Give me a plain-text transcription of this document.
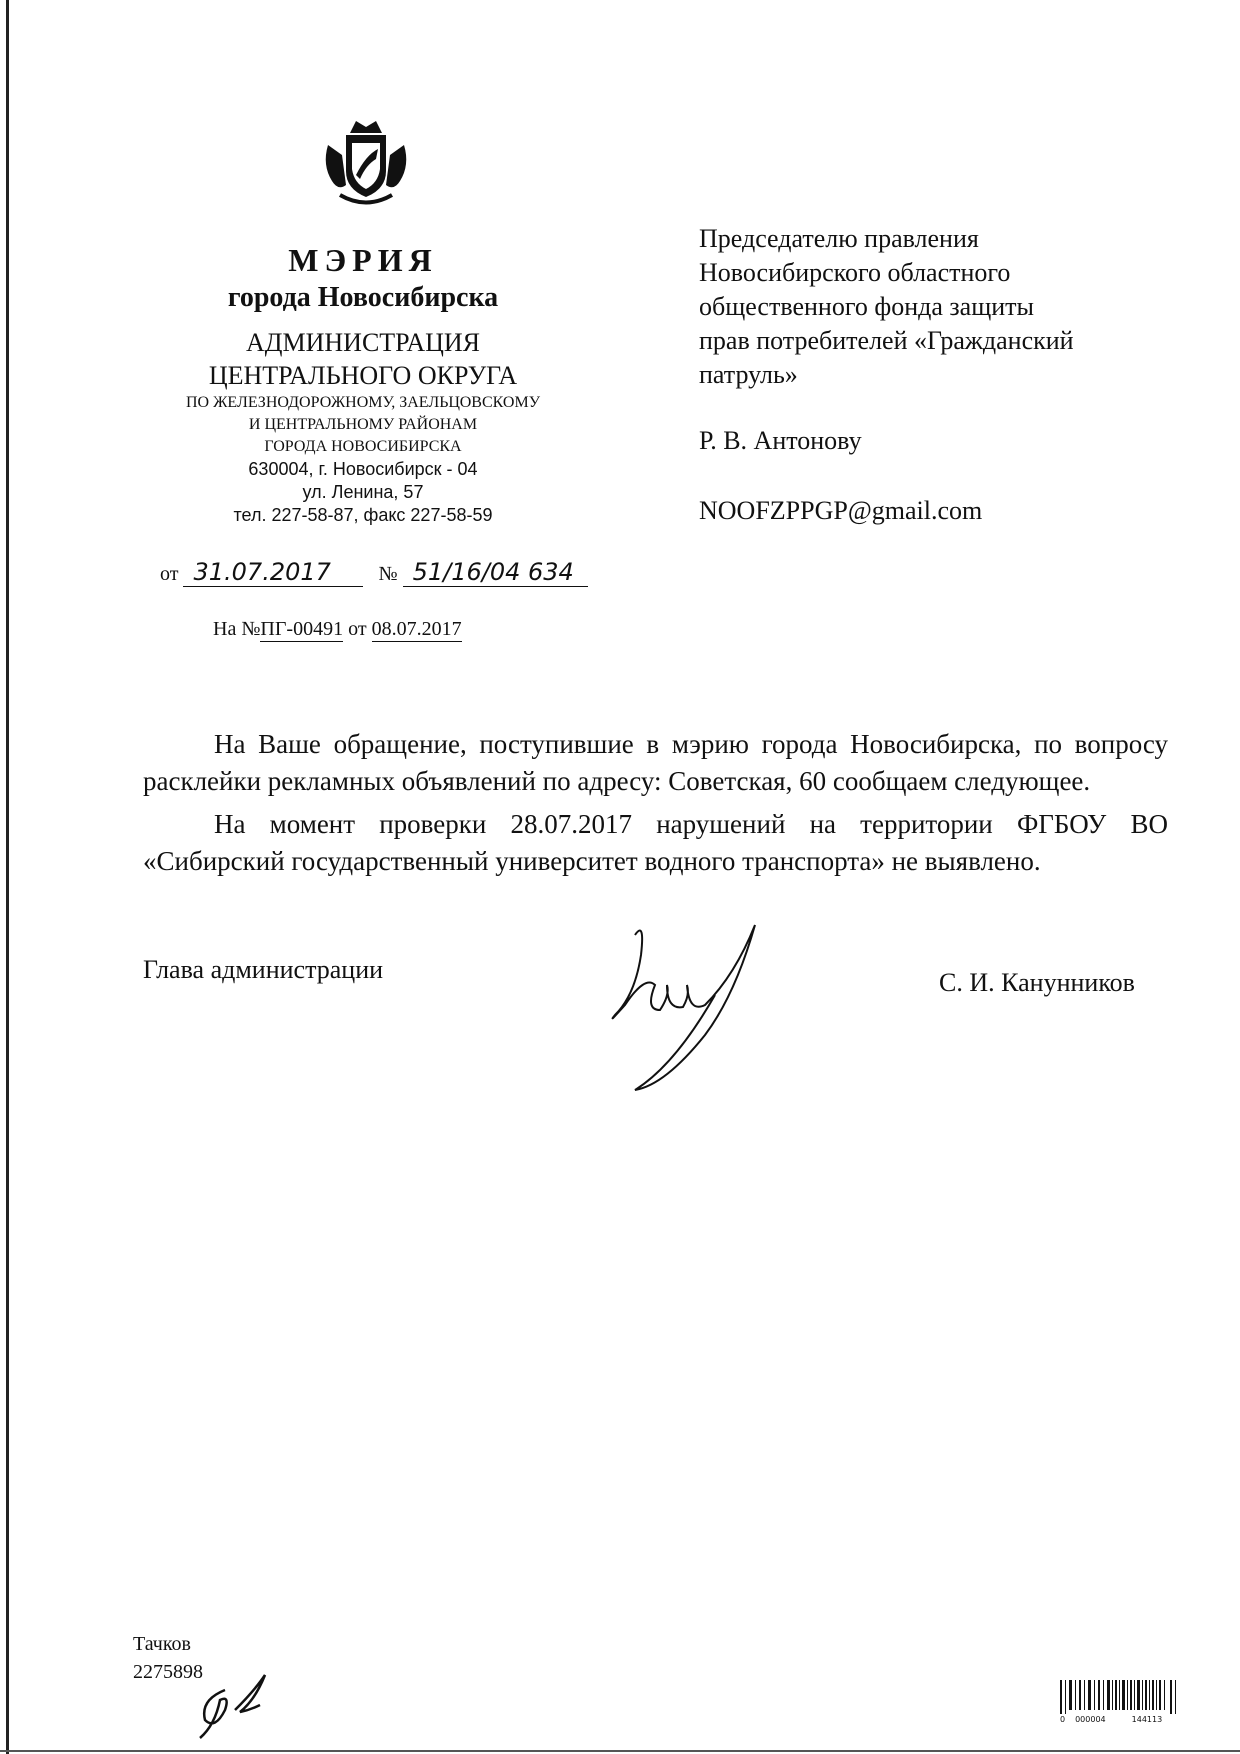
МЭРИЯ
города Новосибирска
АДМИНИСТРАЦИЯ
ЦЕНТРАЛЬНОГО ОКРУГА
ПО ЖЕЛЕЗНОДОРОЖНОМУ, ЗАЕЛЬЦОВСКОМУ
И ЦЕНТРАЛЬНОМУ РАЙОНАМ
ГОРОДА НОВОСИБИРСКА
630004, г. Новосибирск - 04
ул. Ленина, 57
тел. 227-58-87, факс 227-58-59
от 31.07.2017 № 51/16/04 634
На №ПГ-00491 от 08.07.2017
Председателю правления
Новосибирского областного
общественного фонда защиты
прав потребителей «Гражданский
патруль»
Р. В. Антонову
NOOFZPPGP@gmail.com

На Ваше обращение, поступившие в мэрию города Новосибирска, по вопросу расклейки рекламных объявлений по адресу: Советская, 60 сообщаем следующее.

На момент проверки 28.07.2017 нарушений на территории ФГБОУ ВО «Сибирский государственный университет водного транспорта» не выявлено.

Глава администрации	С. И. Канунников
Тачков
2275898
0 000004	144113
